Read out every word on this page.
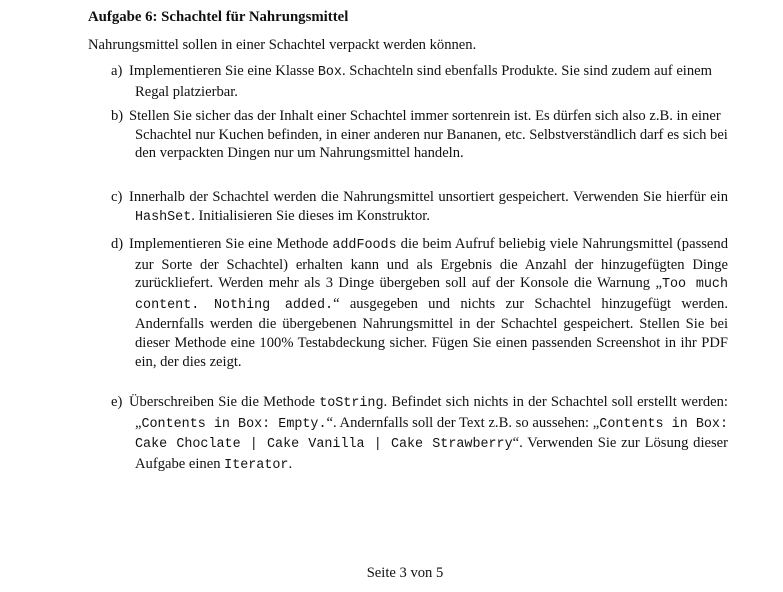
Aufgabe 6: Schachtel für Nahrungsmittel

Nahrungsmittel sollen in einer Schachtel verpackt werden können.

a) Implementieren Sie eine Klasse Box. Schachteln sind ebenfalls Produkte. Sie sind zudem auf einem Regal platzierbar.

b) Stellen Sie sicher das der Inhalt einer Schachtel immer sortenrein ist. Es dürfen sich also z.B. in einer Schachtel nur Kuchen befinden, in einer anderen nur Bananen, etc. Selbstverständlich darf es sich bei den verpackten Dingen nur um Nahrungsmittel handeln.

c) Innerhalb der Schachtel werden die Nahrungsmittel unsortiert gespeichert. Verwenden Sie hierfür ein HashSet. Initialisieren Sie dieses im Konstruktor.

d) Implementieren Sie eine Methode addFoods die beim Aufruf beliebig viele Nahrungsmittel (passend zur Sorte der Schachtel) erhalten kann und als Ergebnis die Anzahl der hinzugefügten Dinge zurückliefert. Werden mehr als 3 Dinge übergeben soll auf der Konsole die Warnung „Too much content. Nothing added.“ ausgegeben und nichts zur Schachtel hinzugefügt werden. Andernfalls werden die übergebenen Nahrungsmittel in der Schachtel gespeichert. Stellen Sie bei dieser Methode eine 100% Testabdeckung sicher. Fügen Sie einen passenden Screenshot in ihr PDF ein, der dies zeigt.

e) Überschreiben Sie die Methode toString. Befindet sich nichts in der Schachtel soll erstellt werden: „Contents in Box: Empty.“. Andernfalls soll der Text z.B. so aussehen: „Contents in Box: Cake Choclate | Cake Vanilla | Cake Strawberry“. Verwenden Sie zur Lösung dieser Aufgabe einen Iterator.

Seite 3 von 5
